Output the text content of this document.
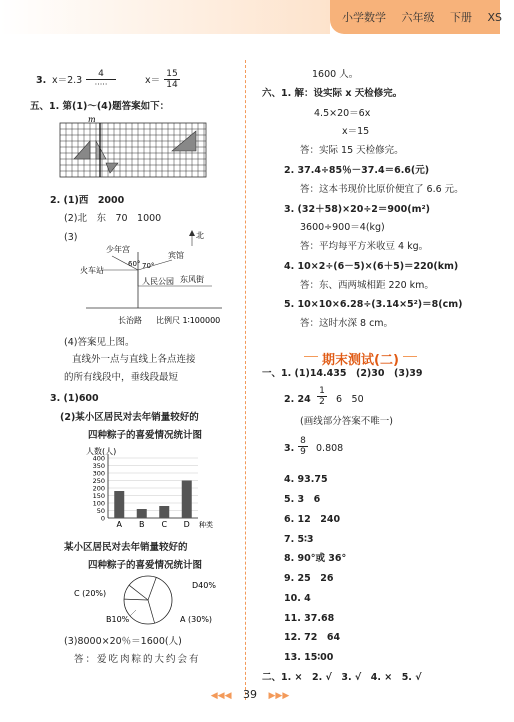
小学数学 六年级 下册 XS
3. x＝2.3
4
·····	$x= \frac{15}{14}$
五、1. 第(1)～(4)题答案如下：
m
2. (1)西　2000
(2)北　东　70　1000
(3)	北
少年宫
宾馆
火车站
人民公园 东风街
60° 70°
长治路 比例尺 1∶100000
(4)答案见上图。
直线外一点与直线上各点连接
的所有线段中，垂线段最短
3. (1)600
(2)某小区居民对去年销量较好的
四种粽子的喜爱情况统计图
人数(人)
0
50
100
150
200
250
300
350
400
A B C D 种类
某小区居民对去年销量较好的
四种粽子的喜爱情况统计图
D40%
A (30%)
B10%
C (20%)
(3)8000×20％＝1600(人)
答：爱吃肉粽的大约会有
1600 人。
六、1. 解：设实际 x 天检修完。
4.5×20＝6x
x＝15
答：实际 15 天检修完。
2. 37.4÷85％－37.4＝6.6(元)
答：这本书现价比原价便宜了 6.6 元。
3. (32＋58)×20÷2＝900(m²)
3600÷900＝4(kg)
答：平均每平方米收豆 4 kg。
4. 10×2÷(6－5)×(6＋5)＝220(km)
答：东、西两城相距 220 km。
5. 10×10×6.28÷(3.14×5²)＝8(cm)
答：这时水深 8 cm。
期末测试(二)
一、1. (1)14.435　(2)30　(3)39
2. $24 \frac{1}{2} 6$　50
(画线部分答案不唯一)
3. $\frac{8}{9} 0.808$
4. 93.75
5. 3　6
6. 12　240
7. 5∶3
8. 90°或 36°
9. 25　26
10. 4
11. 37.68
12. 72　64
13. 15∶00
二、1. ×　2. √　3. √　4. ×　5. √
◀◀◀ 39 ▶▶▶
